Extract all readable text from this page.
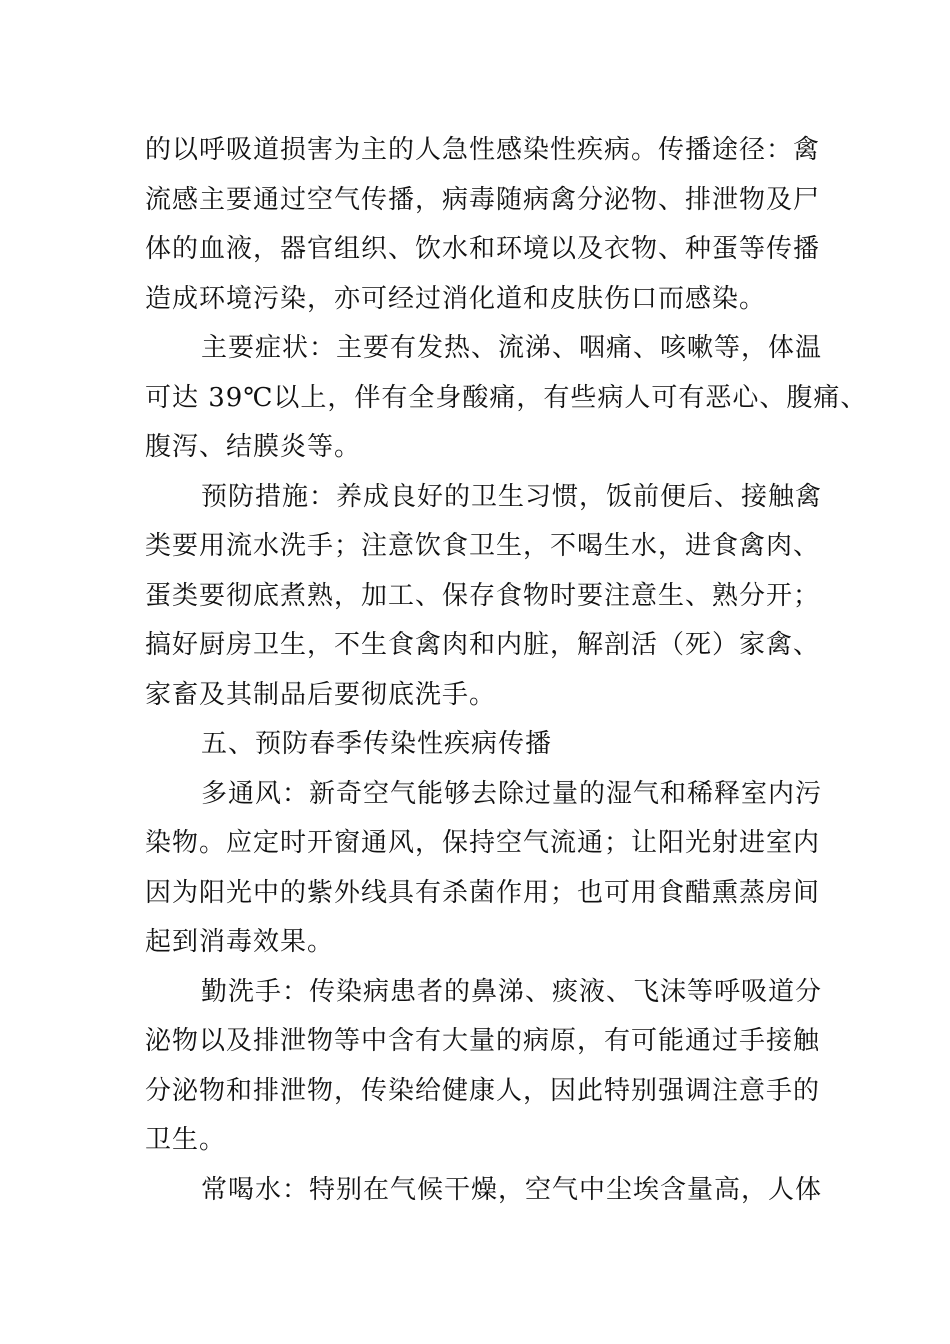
的以呼吸道损害为主的人急性感染性疾病。传播途径：禽
流感主要通过空气传播，病毒随病禽分泌物、排泄物及尸
体的血液，器官组织、饮水和环境以及衣物、种蛋等传播
造成环境污染，亦可经过消化道和皮肤伤口而感染。
主要症状：主要有发热、流涕、咽痛、咳嗽等，体温
可达 39℃以上，伴有全身酸痛，有些病人可有恶心、腹痛、
腹泻、结膜炎等。
预防措施：养成良好的卫生习惯，饭前便后、接触禽
类要用流水洗手；注意饮食卫生，不喝生水，进食禽肉、
蛋类要彻底煮熟，加工、保存食物时要注意生、熟分开；
搞好厨房卫生，不生食禽肉和内脏，解剖活（死）家禽、
家畜及其制品后要彻底洗手。
五、预防春季传染性疾病传播
多通风：新奇空气能够去除过量的湿气和稀释室内污
染物。应定时开窗通风，保持空气流通；让阳光射进室内
因为阳光中的紫外线具有杀菌作用；也可用食醋熏蒸房间
起到消毒效果。
勤洗手：传染病患者的鼻涕、痰液、飞沫等呼吸道分
泌物以及排泄物等中含有大量的病原，有可能通过手接触
分泌物和排泄物，传染给健康人，因此特别强调注意手的
卫生。
常喝水：特别在气候干燥，空气中尘埃含量高，人体
